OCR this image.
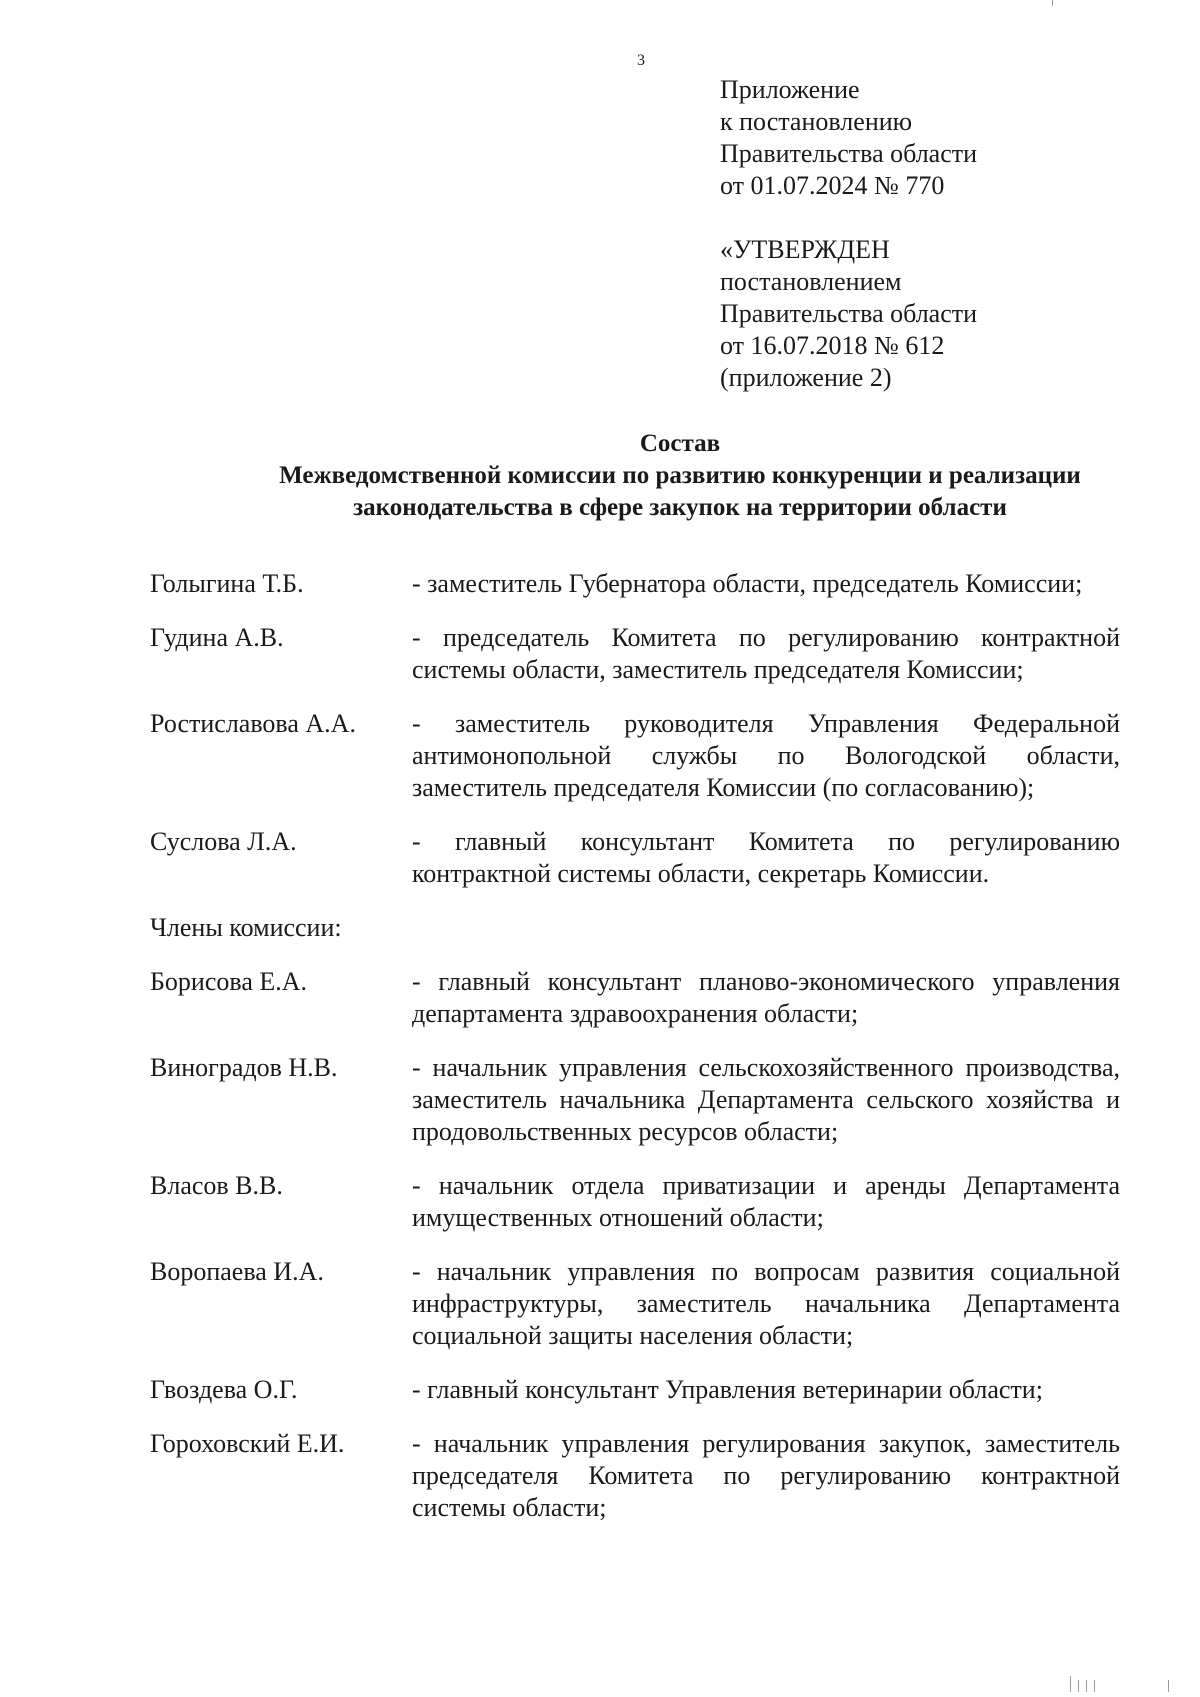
3
Приложение
к постановлению
Правительства области
от 01.07.2024 № 770
«УТВЕРЖДЕН
постановлением
Правительства области
от 16.07.2018 № 612
(приложение 2)
Состав
Межведомственной комиссии по развитию конкуренции и реализации
законодательства в сфере закупок на территории области
Голыгина Т.Б.	- заместитель Губернатора области, председатель Комиссии;
Гудина А.В.	- председатель Комитета по регулированию контрактной системы области, заместитель председателя Комиссии;
Ростиславова А.А.	- заместитель руководителя Управления Федеральной антимонопольной службы по Вологодской области, заместитель председателя Комиссии (по согласованию);
Суслова Л.А.	- главный консультант Комитета по регулированию контрактной системы области, секретарь Комиссии.
Члены комиссии:
Борисова Е.А.	- главный консультант планово-экономического управления департамента здравоохранения области;
Виноградов Н.В.	- начальник управления сельскохозяйственного производства, заместитель начальника Департамента сельского хозяйства и продовольственных ресурсов области;
Власов В.В.	- начальник отдела приватизации и аренды Департамента имущественных отношений области;
Воропаева И.А.	- начальник управления по вопросам развития социальной инфраструктуры, заместитель начальника Департамента социальной защиты населения области;
Гвоздева О.Г.	- главный консультант Управления ветеринарии области;
Гороховский Е.И.	- начальник управления регулирования закупок, заместитель председателя Комитета по регулированию контрактной системы области;
